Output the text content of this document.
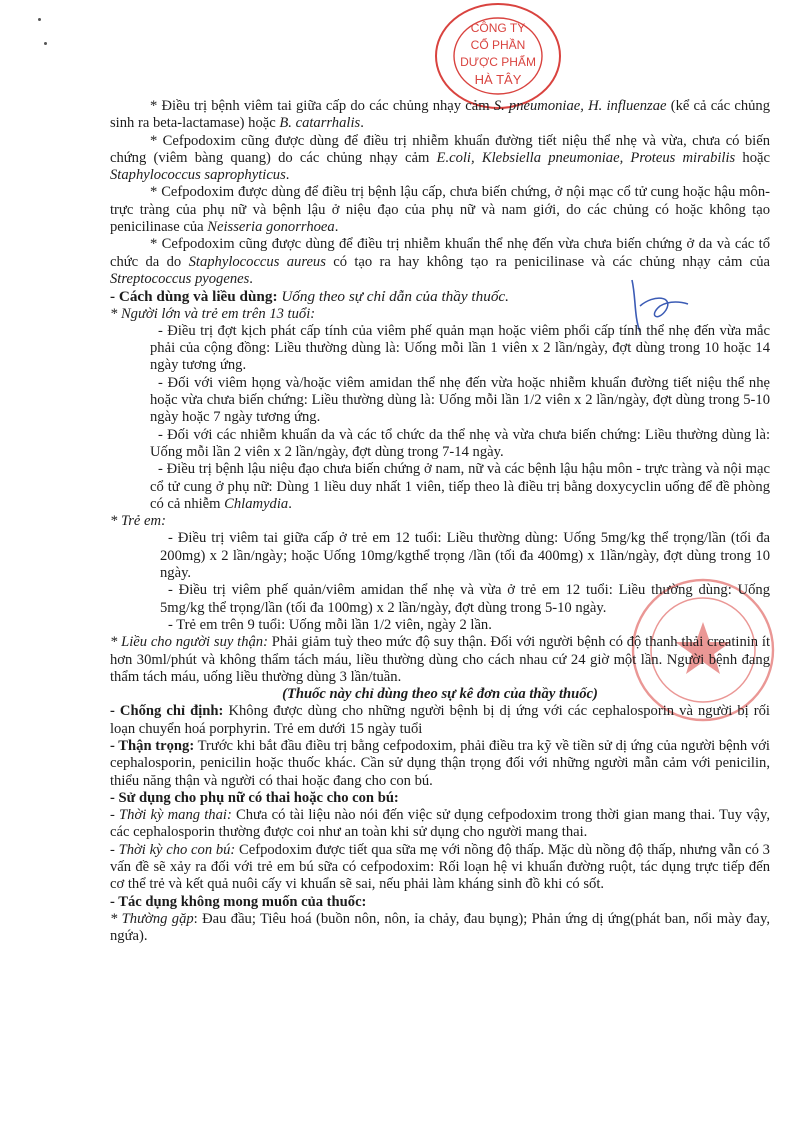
CÔNG TY
CỔ PHẦN
DƯỢC PHẨM
HÀ TÂY

* Điều trị bệnh viêm tai giữa cấp do các chủng nhạy cảm S. pneumoniae, H. influenzae (kể cả các chủng sinh ra beta-lactamase) hoặc B. catarrhalis.

* Cefpodoxim cũng được dùng để điều trị nhiễm khuẩn đường tiết niệu thể nhẹ và vừa, chưa có biến chứng (viêm bàng quang) do các chủng nhạy cảm E.coli, Klebsiella pneumoniae, Proteus mirabilis hoặc Staphylococcus saprophyticus.

* Cefpodoxim được dùng để điều trị bệnh lậu cấp, chưa biến chứng, ở nội mạc cổ tử cung hoặc hậu môn- trực tràng của phụ nữ và bệnh lậu ở niệu đạo của phụ nữ và nam giới, do các chủng có hoặc không tạo penicilinase của Neisseria gonorrhoea.

* Cefpodoxim cũng được dùng để điều trị nhiễm khuẩn thể nhẹ đến vừa chưa biến chứng ở da và các tổ chức da do Staphylococcus aureus có tạo ra hay không tạo ra penicilinase và các chủng nhạy cảm của Streptococcus pyogenes.

- Cách dùng và liều dùng: Uống theo sự chỉ dẫn của thầy thuốc.

* Người lớn và trẻ em trên 13 tuổi:

- Điều trị đợt kịch phát cấp tính của viêm phế quản mạn hoặc viêm phổi cấp tính thể nhẹ đến vừa mắc phải của cộng đồng: Liều thường dùng là: Uống mỗi lần 1 viên x 2 lần/ngày, đợt dùng trong 10 hoặc 14 ngày tương ứng.

- Đối với viêm họng và/hoặc viêm amidan thể nhẹ đến vừa hoặc nhiễm khuẩn đường tiết niệu thể nhẹ hoặc vừa chưa biến chứng: Liều thường dùng là: Uống mỗi lần 1/2 viên x 2 lần/ngày, đợt dùng trong 5-10 ngày hoặc 7 ngày tương ứng.

- Đối với các nhiễm khuẩn da và các tổ chức da thể nhẹ và vừa chưa biến chứng: Liều thường dùng là: Uống mỗi lần 2 viên x 2 lần/ngày, đợt dùng trong 7-14 ngày.

- Điều trị bệnh lậu niệu đạo chưa biến chứng ở nam, nữ và các bệnh lậu hậu môn - trực tràng và nội mạc cổ tử cung ở phụ nữ: Dùng 1 liều duy nhất 1 viên, tiếp theo là điều trị bằng doxycyclin uống để đề phòng có cả nhiễm Chlamydia.

* Trẻ em:

- Điều trị viêm tai giữa cấp ở trẻ em 12 tuổi: Liều thường dùng: Uống 5mg/kg thể trọng/lần (tối đa 200mg) x 2 lần/ngày; hoặc Uống 10mg/kgthể trọng /lần (tối đa 400mg) x 1lần/ngày, đợt dùng trong 10 ngày.

- Điều trị viêm phế quản/viêm amidan thể nhẹ và vừa ở trẻ em 12 tuổi: Liều thường dùng: Uống 5mg/kg thể trọng/lần (tối đa 100mg) x 2 lần/ngày, đợt dùng trong 5-10 ngày.

- Trẻ em trên 9 tuổi: Uống mỗi lần 1/2 viên, ngày 2 lần.

* Liều cho người suy thận: Phải giảm tuỳ theo mức độ suy thận. Đối với người bệnh có độ thanh thải creatinin ít hơn 30ml/phút và không thẩm tách máu, liều thường dùng cho cách nhau cứ 24 giờ một lần. Người bệnh đang thẩm tách máu, uống liều thường dùng 3 lần/tuần.

(Thuốc này chỉ dùng theo sự kê đơn của thầy thuốc)

- Chống chỉ định: Không được dùng cho những người bệnh bị dị ứng với các cephalosporin và người bị rối loạn chuyển hoá porphyrin. Trẻ em dưới 15 ngày tuổi

- Thận trọng: Trước khi bắt đầu điều trị bằng cefpodoxim, phải điều tra kỹ về tiền sử dị ứng của người bệnh với cephalosporin, penicilin hoặc thuốc khác. Cần sử dụng thận trọng đối với những người mẫn cảm với penicilin, thiểu năng thận và người có thai hoặc đang cho con bú.

- Sử dụng cho phụ nữ có thai hoặc cho con bú:

- Thời kỳ mang thai: Chưa có tài liệu nào nói đến việc sử dụng cefpodoxim trong thời gian mang thai. Tuy vậy, các cephalosporin thường được coi như an toàn khi sử dụng cho người mang thai.

- Thời kỳ cho con bú: Cefpodoxim được tiết qua sữa mẹ với nồng độ thấp. Mặc dù nồng độ thấp, nhưng vẫn có 3 vấn đề sẽ xảy ra đối với trẻ em bú sữa có cefpodoxim: Rối loạn hệ vi khuẩn đường ruột, tác dụng trực tiếp đến cơ thể trẻ và kết quả nuôi cấy vi khuẩn sẽ sai, nếu phải làm kháng sinh đồ khi có sốt.

- Tác dụng không mong muốn của thuốc:

* Thường gặp: Đau đầu; Tiêu hoá (buồn nôn, nôn, ỉa chảy, đau bụng); Phản ứng dị ứng(phát ban, nổi mày đay, ngứa).
